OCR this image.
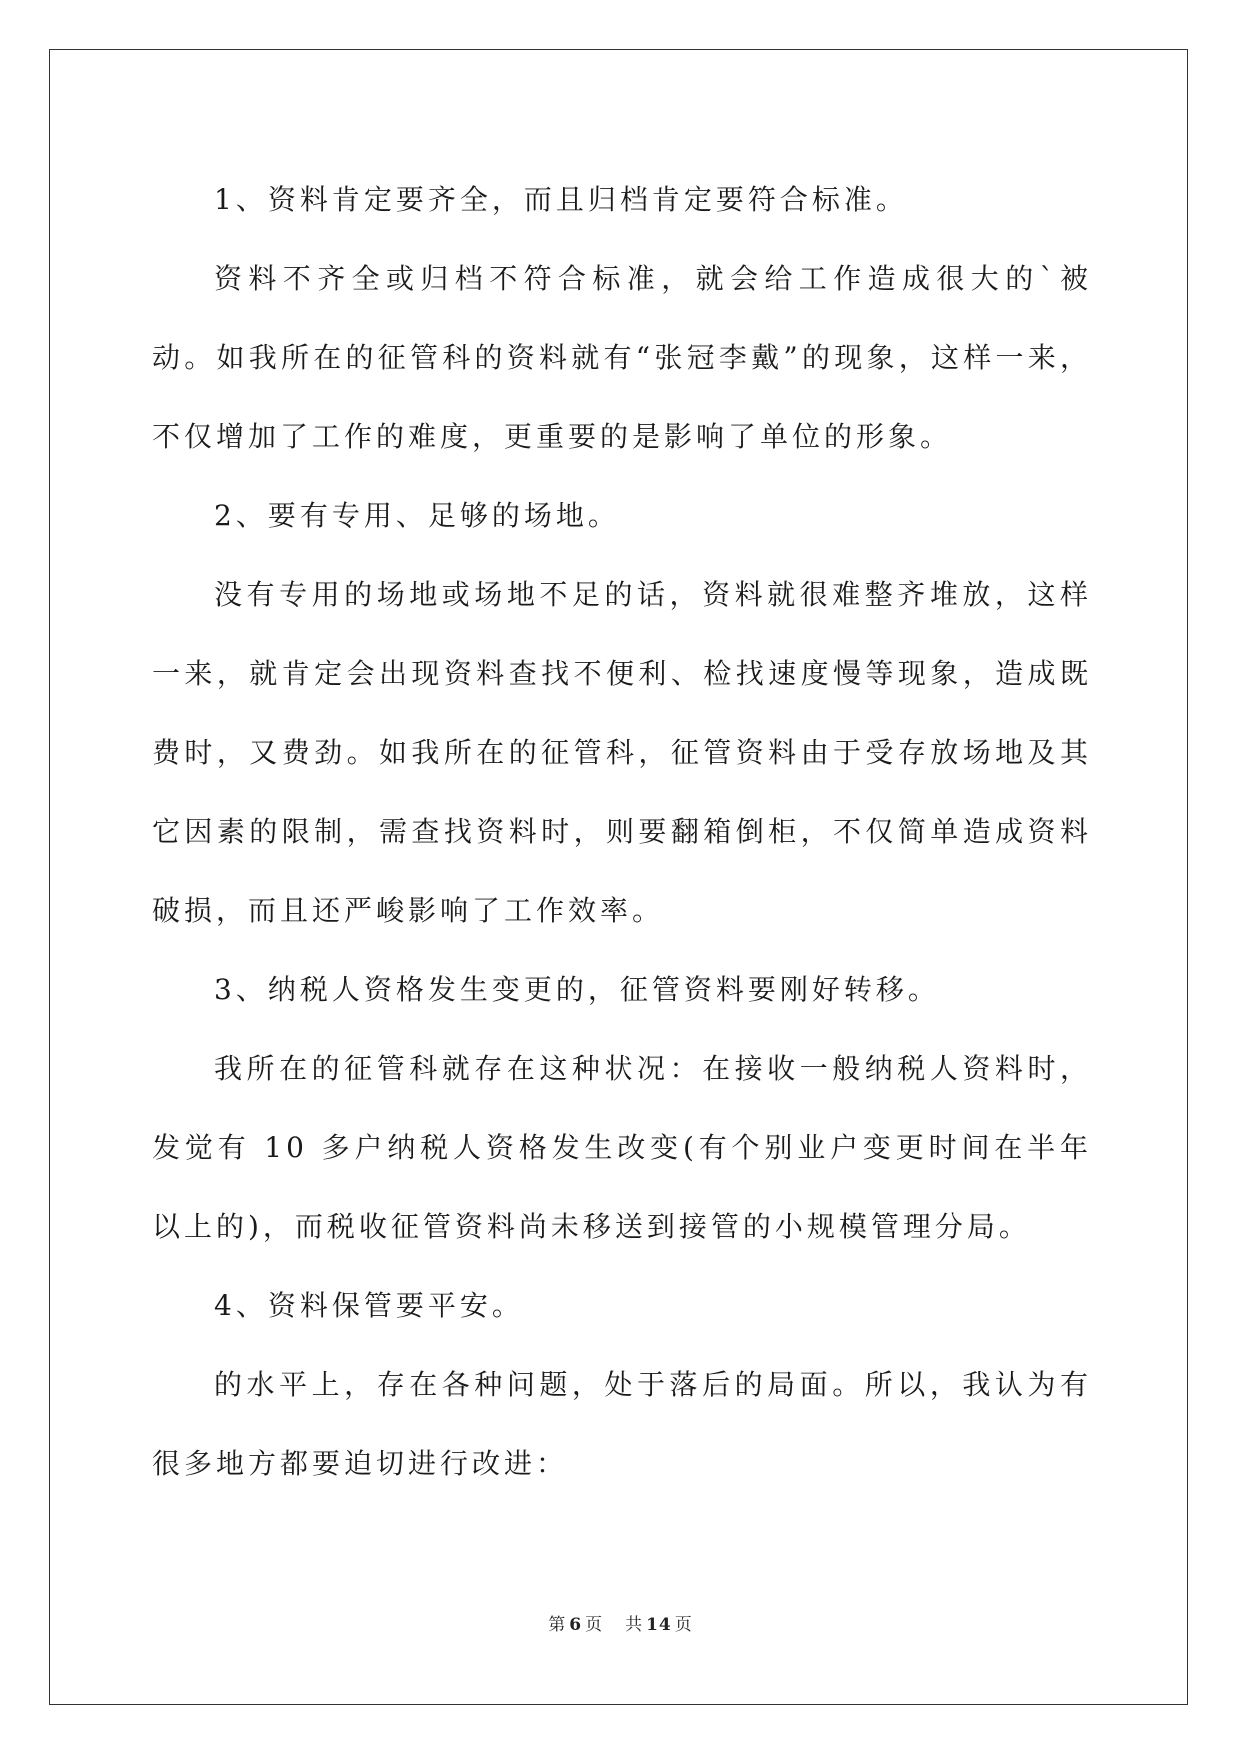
1、资料肯定要齐全，而且归档肯定要符合标准。

资料不齐全或归档不符合标准，就会给工作造成很大的`被动。如我所在的征管科的资料就有“张冠李戴”的现象，这样一来，不仅增加了工作的难度，更重要的是影响了单位的形象。

2、要有专用、足够的场地。

没有专用的场地或场地不足的话，资料就很难整齐堆放，这样一来，就肯定会出现资料查找不便利、检找速度慢等现象，造成既费时，又费劲。如我所在的征管科，征管资料由于受存放场地及其它因素的限制，需查找资料时，则要翻箱倒柜，不仅简单造成资料破损，而且还严峻影响了工作效率。

3、纳税人资格发生变更的，征管资料要刚好转移。

我所在的征管科就存在这种状况：在接收一般纳税人资料时，发觉有 10 多户纳税人资格发生改变(有个别业户变更时间在半年以上的)，而税收征管资料尚未移送到接管的小规模管理分局。

4、资料保管要平安。

的水平上，存在各种问题，处于落后的局面。所以，我认为有很多地方都要迫切进行改进：

第 6 页 共 14 页
